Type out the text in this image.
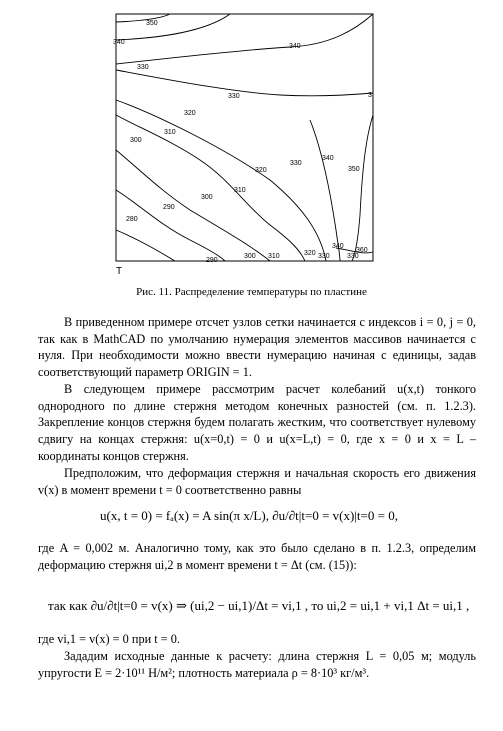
350
340
340
330
330	3
320
310
300
320
330
340
350
300
290
310
280
290
300 310	320 330
340
330
360
T
Рис. 11. Распределение температуры по пластине

В приведенном примере отсчет узлов сетки начинается с индексов i = 0, j = 0, так как в MathCAD по умолчанию нумерация элементов массивов начинается с нуля. При необходимости можно ввести нумерацию начиная с единицы, задав соответствующий параметр ORIGIN = 1.

В следующем примере рассмотрим расчет колебаний u(x,t) тонкого однородного по длине стержня методом конечных разностей (см. п. 1.2.3). Закрепление концов стержня будем полагать жестким, что соответствует нулевому сдвигу на концах стержня: u(x=0,t) = 0 и u(x=L,t) = 0, где x = 0 и x = L – координаты концов стержня.

Предположим, что деформация стержня и начальная скорость его движения v(x) в момент времени t = 0 соответственно равны

u(x, t = 0) = fₐ(x) = A sin(π x/L), ∂u/∂t|t=0 = v(x)|t=0 = 0,

где A = 0,002 м. Аналогично тому, как это было сделано в п. 1.2.3, определим деформацию стержня ui,2 в момент времени t = Δt (см. (15)):

так как ∂u/∂t|t=0 = v(x) ⇒ (ui,2 − ui,1)/Δt = vi,1 , то ui,2 = ui,1 + vi,1 Δt = ui,1 ,

где vi,1 = v(x) = 0 при t = 0.

Зададим исходные данные к расчету: длина стержня L = 0,05 м; модуль упругости E = 2·10¹¹ Н/м²; плотность материала ρ = 8·10³ кг/м³.
